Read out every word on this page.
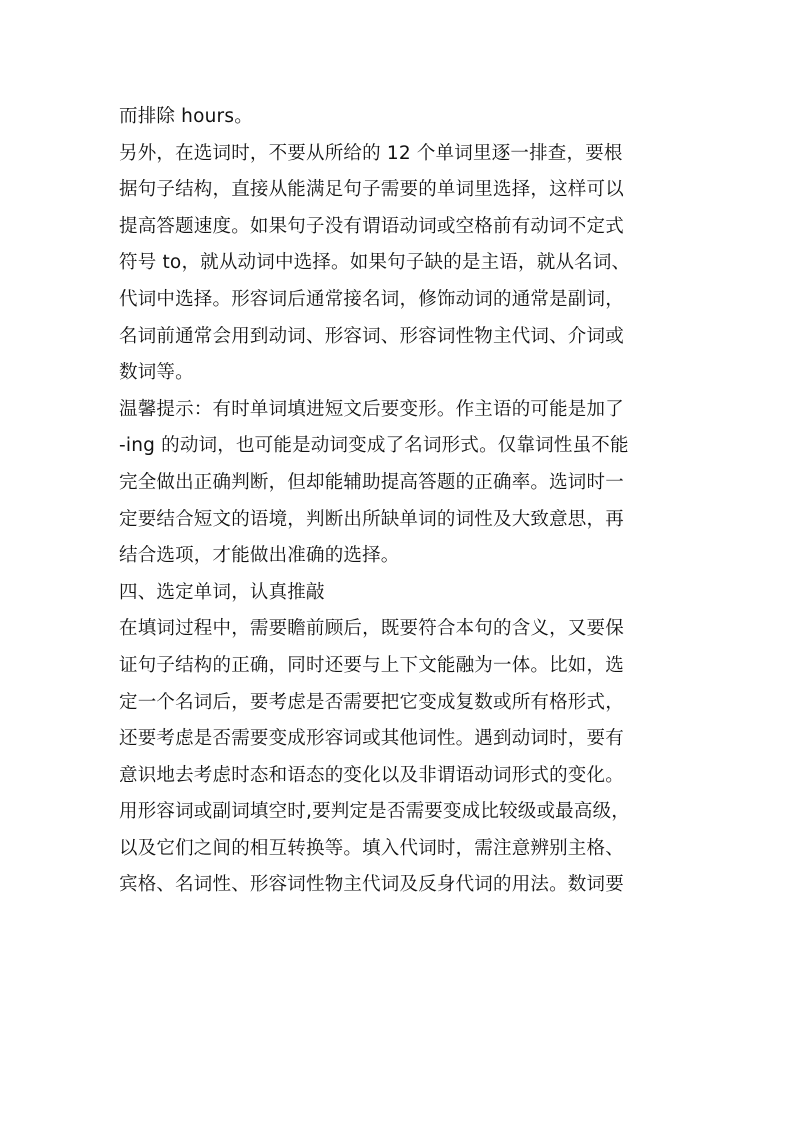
而排除 hours。
另外，在选词时，不要从所给的 12 个单词里逐一排查，要根
据句子结构，直接从能满足句子需要的单词里选择，这样可以
提高答题速度。如果句子没有谓语动词或空格前有动词不定式
符号 to，就从动词中选择。如果句子缺的是主语，就从名词、
代词中选择。形容词后通常接名词，修饰动词的通常是副词，
名词前通常会用到动词、形容词、形容词性物主代词、介词或
数词等。
温馨提示：有时单词填进短文后要变形。作主语的可能是加了
-ing 的动词，也可能是动词变成了名词形式。仅靠词性虽不能
完全做出正确判断，但却能辅助提高答题的正确率。选词时一
定要结合短文的语境，判断出所缺单词的词性及大致意思，再
结合选项，才能做出准确的选择。
四、选定单词，认真推敲
在填词过程中，需要瞻前顾后，既要符合本句的含义，又要保
证句子结构的正确，同时还要与上下文能融为一体。比如，选
定一个名词后，要考虑是否需要把它变成复数或所有格形式，
还要考虑是否需要变成形容词或其他词性。遇到动词时，要有
意识地去考虑时态和语态的变化以及非谓语动词形式的变化。
用形容词或副词填空时,要判定是否需要变成比较级或最高级，
以及它们之间的相互转换等。填入代词时，需注意辨别主格、
宾格、名词性、形容词性物主代词及反身代词的用法。数词要
